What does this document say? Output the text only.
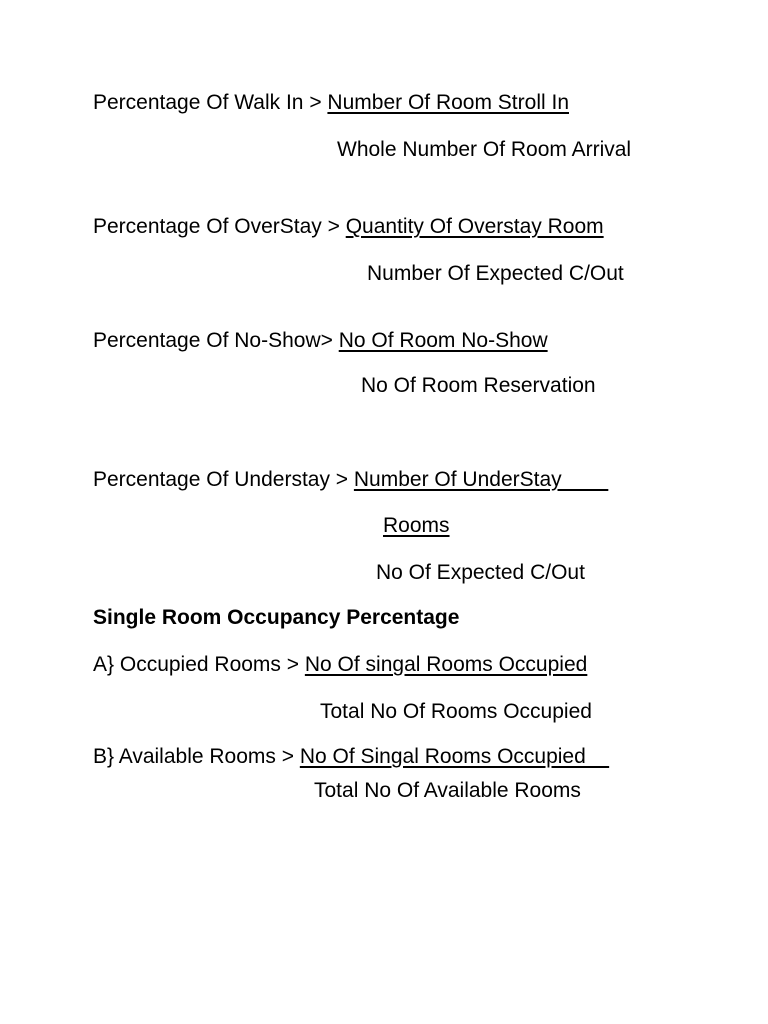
Percentage Of Walk In > Number Of Room Stroll In
Whole Number Of Room Arrival
Percentage Of OverStay > Quantity Of Overstay Room
Number Of Expected C/Out
Percentage Of No-Show> No Of Room No-Show
No Of Room Reservation
Percentage Of Understay > Number Of UnderStay
Rooms
No Of Expected C/Out
Single Room Occupancy Percentage
A} Occupied Rooms > No Of singal Rooms Occupied
Total No Of Rooms Occupied
B} Available Rooms > No Of Singal Rooms Occupied
Total No Of Available Rooms
